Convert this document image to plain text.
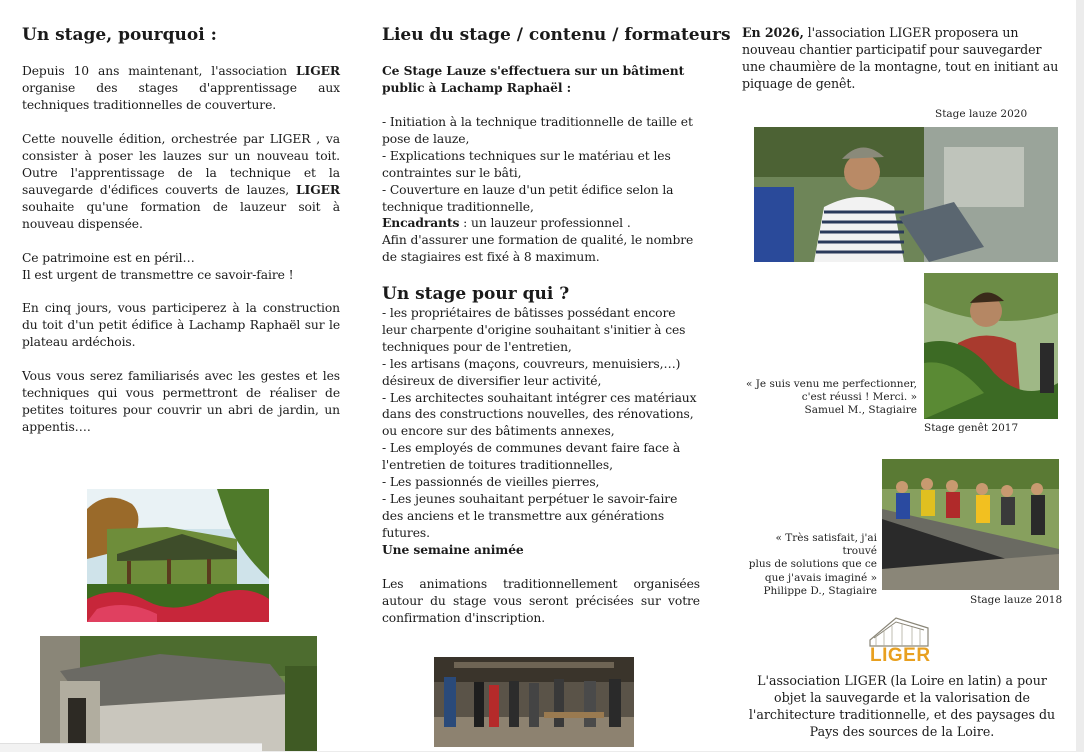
Un stage, pourquoi :

Depuis 10 ans maintenant, l'association LIGER organise des stages d'apprentissage aux techniques traditionnelles de couverture.

Cette nouvelle édition, orchestrée par LIGER , va consister à poser les lauzes sur un nouveau toit. Outre l'apprentissage de la technique et la sauvegarde d'édifices couverts de lauzes, LIGER souhaite qu'une formation de lauzeur soit à nouveau dispensée.

Ce patrimoine est en péril…

Il est urgent de transmettre ce savoir-faire !

En cinq jours, vous participerez à la construction du toit d'un petit édifice à Lachamp Raphaël sur le plateau ardéchois.

Vous vous serez familiarisés avec les gestes et les techniques qui vous permettront de réaliser de petites toitures pour couvrir un abri de jardin, un appentis….

Lieu du stage / contenu / formateurs
Ce Stage Lauze s'effectuera sur un bâtiment public à Lachamp Raphaël :

- Initiation à la technique traditionnelle de taille et pose de lauze,

- Explications techniques sur le matériau et les contraintes sur le bâti,

- Couverture en lauze d'un petit édifice selon la technique traditionnelle,

Encadrants : un lauzeur professionnel .

Afin d'assurer une formation de qualité, le nombre de stagiaires est fixé à 8 maximum.

Un stage pour qui ?

- les propriétaires de bâtisses possédant encore leur charpente d'origine souhaitant s'initier à ces techniques pour de l'entretien,

- les artisans (maçons, couvreurs, menuisiers,…) désireux de diversifier leur activité,

- Les architectes souhaitant intégrer ces matériaux dans des constructions nouvelles, des rénovations, ou encore sur des bâtiments annexes,

- Les employés de communes devant faire face à l'entretien de toitures traditionnelles,

- Les passionnés de vieilles pierres,

- Les jeunes souhaitant perpétuer le savoir-faire des anciens et le transmettre aux générations futures.

Une semaine animée

Les animations traditionnellement organisées autour du stage vous seront précisées sur votre confirmation d'inscription.

En 2026, l'association LIGER proposera un nouveau chantier participatif pour sauvegarder une chaumière de la montagne, tout en initiant au piquage de genêt.

Stage lauze 2020
« Je suis venu me perfectionner,
c'est réussi ! Merci. »
Samuel M., Stagiaire
Stage genêt 2017
« Très satisfait, j'ai trouvé
plus de solutions que ce
que j'avais imaginé »
Philippe D., Stagiaire
Stage lauze 2018
LIGER
L'association LIGER (la Loire en latin) a pour objet la sauvegarde et la valorisation de l'architecture traditionnelle, et des paysages du Pays des sources de la Loire.
